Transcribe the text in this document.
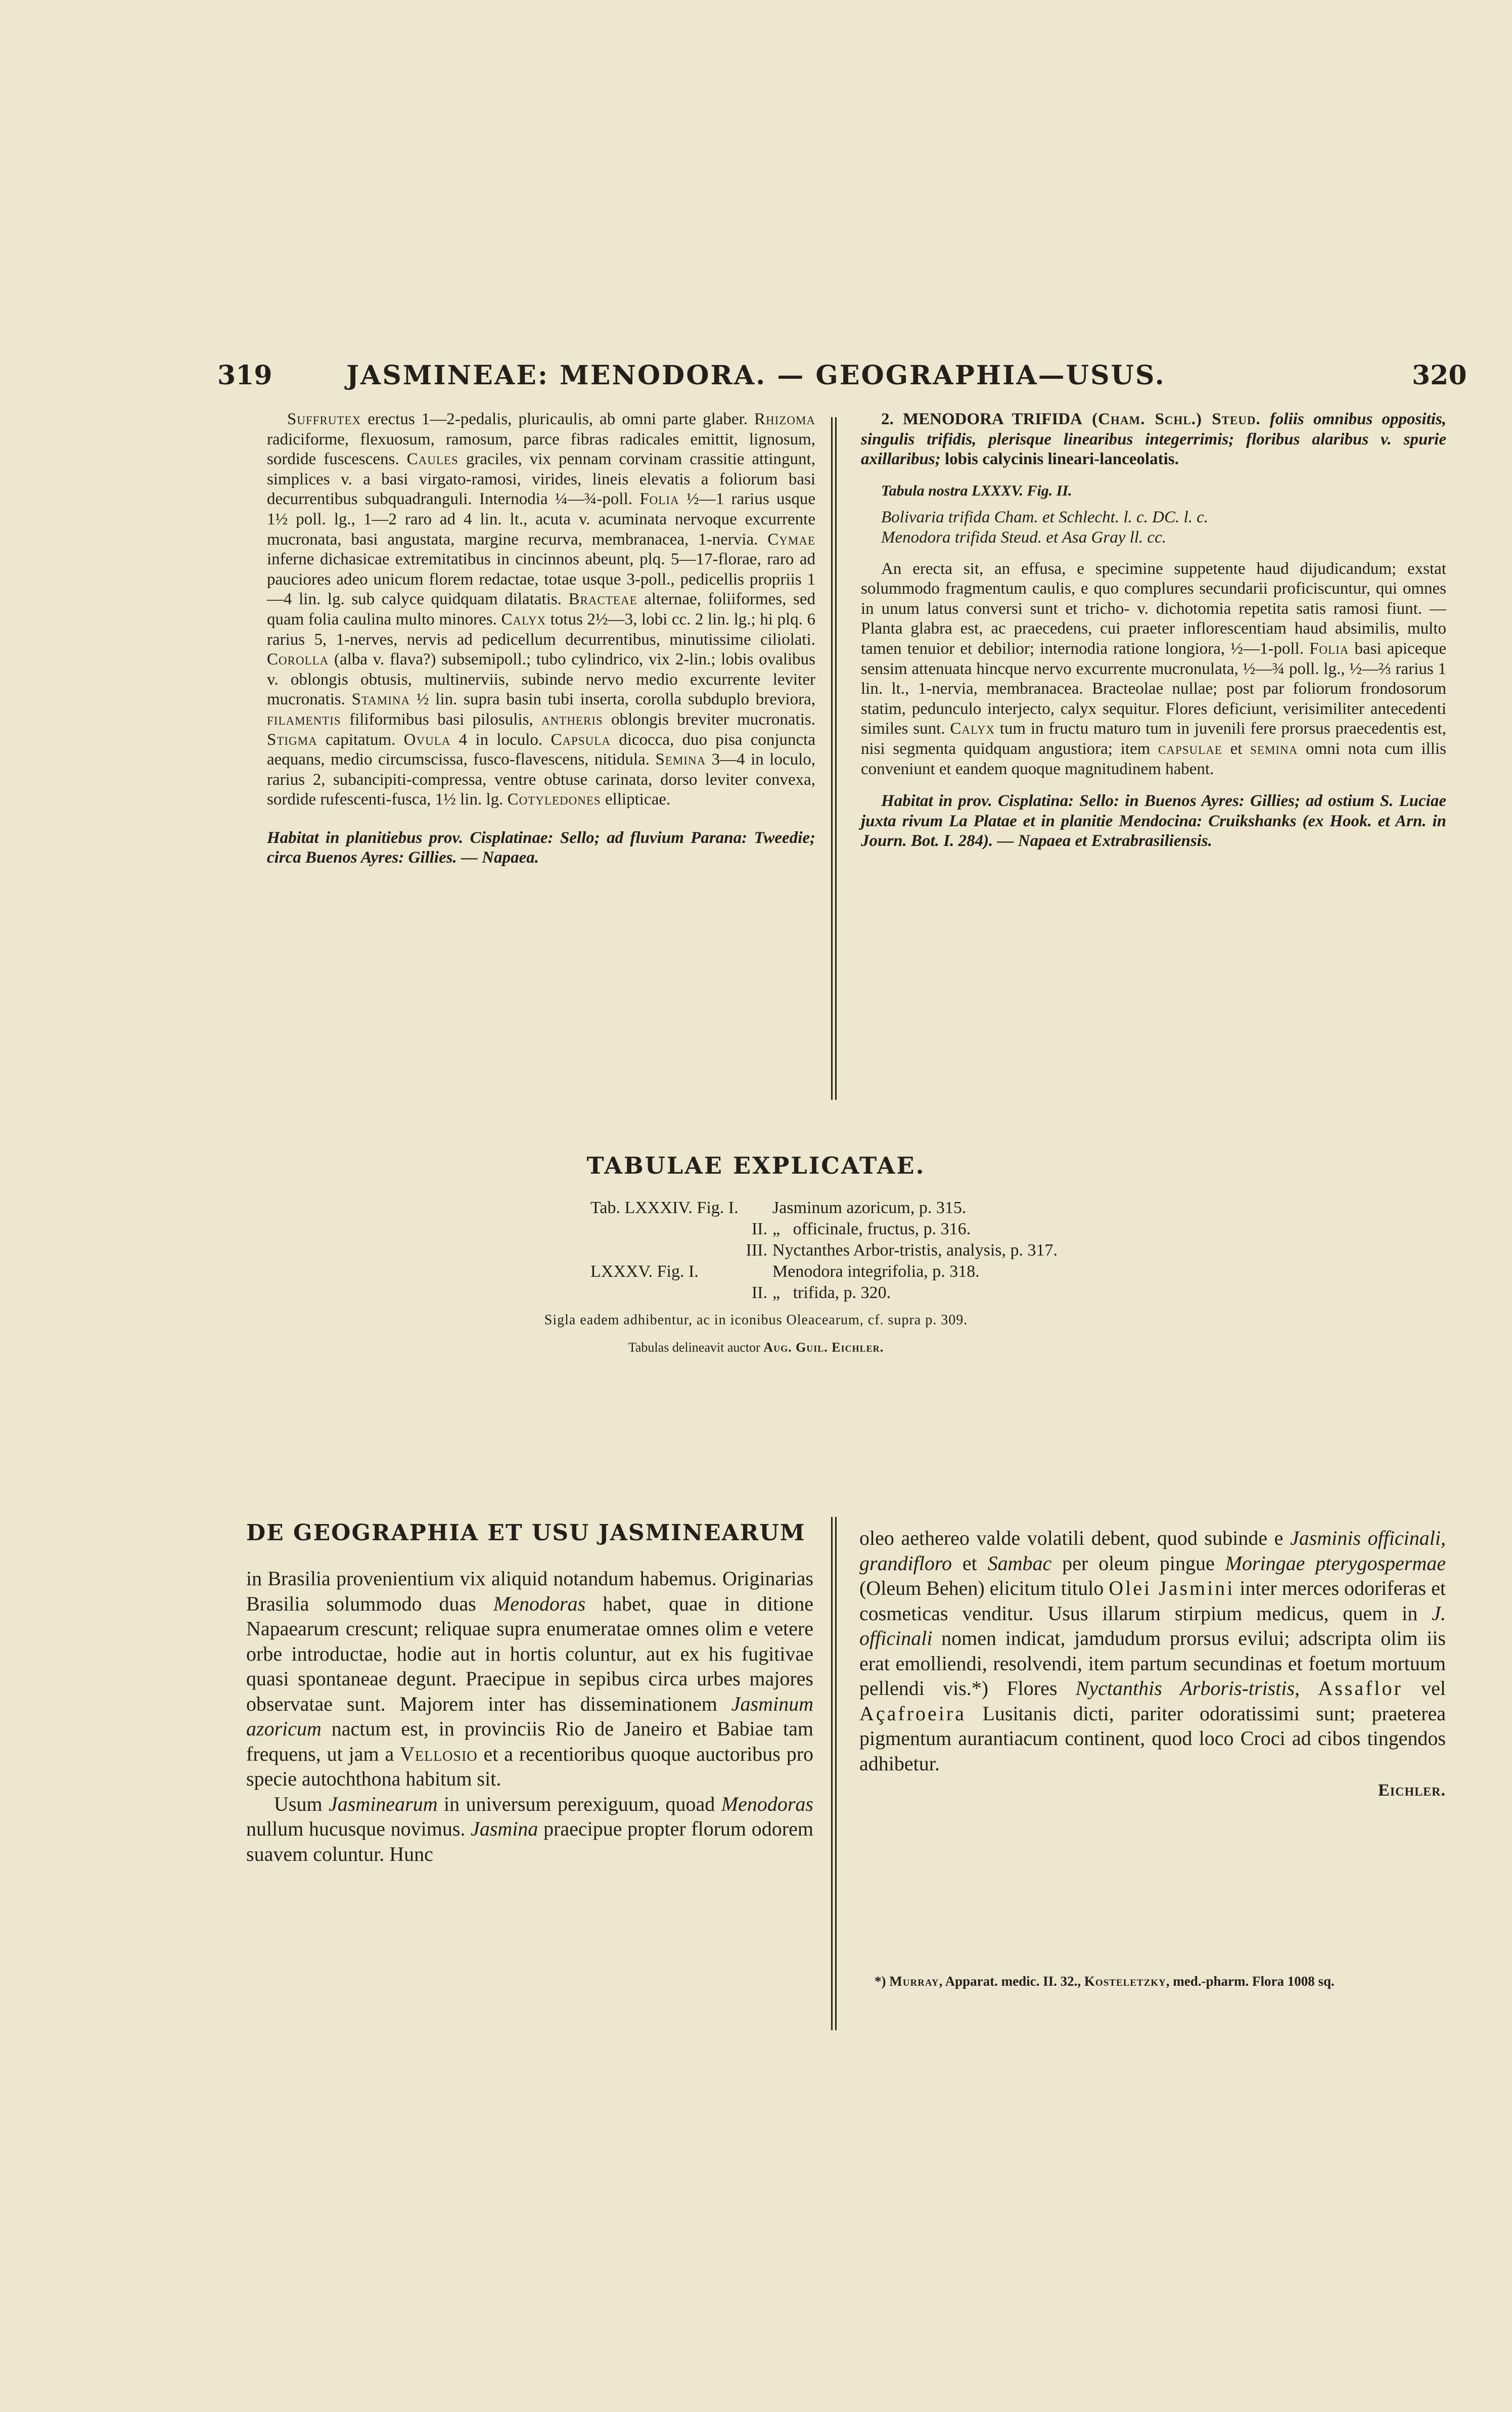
319	JASMINEAE: MENODORA. — GEOGRAPHIA—USUS.	320

Suffrutex erectus 1—2-pedalis, pluricaulis, ab omni parte glaber. Rhizoma radiciforme, flexuosum, ramosum, parce fibras radicales emittit, lignosum, sordide fuscescens. Caules graciles, vix pennam corvinam crassitie attingunt, simplices v. a basi virgato-ramosi, virides, lineis elevatis a foliorum basi decurrentibus subquadranguli. Internodia ¼—¾-poll. Folia ½—1 rarius usque 1½ poll. lg., 1—2 raro ad 4 lin. lt., acuta v. acuminata nervoque excurrente mucronata, basi angustata, margine recurva, membranacea, 1-nervia. Cymae inferne dichasicae extremitatibus in cincinnos abeunt, plq. 5—17-florae, raro ad pauciores adeo unicum florem redactae, totae usque 3-poll., pedicellis propriis 1—4 lin. lg. sub calyce quidquam dilatatis. Bracteae alternae, foliiformes, sed quam folia caulina multo minores. Calyx totus 2½—3, lobi cc. 2 lin. lg.; hi plq. 6 rarius 5, 1-nerves, nervis ad pedicellum decurrentibus, minutissime ciliolati. Corolla (alba v. flava?) subsemipoll.; tubo cylindrico, vix 2-lin.; lobis ovalibus v. oblongis obtusis, multinerviis, subinde nervo medio excurrente leviter mucronatis. Stamina ½ lin. supra basin tubi inserta, corolla subduplo breviora, filamentis filiformibus basi pilosulis, antheris oblongis breviter mucronatis. Stigma capitatum. Ovula 4 in loculo. Capsula dicocca, duo pisa conjuncta aequans, medio circumscissa, fusco-flavescens, nitidula. Semina 3—4 in loculo, rarius 2, subancipiti-compressa, ventre obtuse carinata, dorso leviter convexa, sordide rufescenti-fusca, 1½ lin. lg. Cotyledones ellipticae.

Habitat in planitiebus prov. Cisplatinae: Sello; ad fluvium Parana: Tweedie; circa Buenos Ayres: Gillies. — Napaea.

2. MENODORA TRIFIDA (Cham. Schl.) Steud. foliis omnibus oppositis, singulis trifidis, plerisque linearibus integerrimis; floribus alaribus v. spurie axillaribus; lobis calycinis lineari-lanceolatis.

Tabula nostra LXXXV. Fig. II.

Bolivaria trifida Cham. et Schlecht. l. c. DC. l. c.

Menodora trifida Steud. et Asa Gray ll. cc.

An erecta sit, an effusa, e specimine suppetente haud dijudicandum; exstat solummodo fragmentum caulis, e quo complures secundarii proficiscuntur, qui omnes in unum latus conversi sunt et tricho- v. dichotomia repetita satis ramosi fiunt. — Planta glabra est, ac praecedens, cui praeter inflorescentiam haud absimilis, multo tamen tenuior et debilior; internodia ratione longiora, ½—1-poll. Folia basi apiceque sensim attenuata hincque nervo excurrente mucronulata, ½—¾ poll. lg., ½—⅔ rarius 1 lin. lt., 1-nervia, membranacea. Bracteolae nullae; post par foliorum frondosorum statim, pedunculo interjecto, calyx sequitur. Flores deficiunt, verisimiliter antecedenti similes sunt. Calyx tum in fructu maturo tum in juvenili fere prorsus praecedentis est, nisi segmenta quidquam angustiora; item capsulae et semina omni nota cum illis conveniunt et eandem quoque magnitudinem habent.

Habitat in prov. Cisplatina: Sello: in Buenos Ayres: Gillies; ad ostium S. Luciae juxta rivum La Platae et in planitie Mendocina: Cruikshanks (ex Hook. et Arn. in Journ. Bot. I. 284). — Napaea et Extrabrasiliensis.

TABULAE EXPLICATAE.
Tab. LXXXIV. Fig. I. Jasminum azoricum, p. 315.
II. „   officinale, fructus, p. 316.
III. Nyctanthes Arbor-tristis, analysis, p. 317.
LXXXV. Fig. I.	Menodora integrifolia, p. 318.
II. „   trifida, p. 320.
Sigla eadem adhibentur, ac in iconibus Oleacearum, cf. supra p. 309.
Tabulas delineavit auctor Aug. Guil. Eichler.
DE GEOGRAPHIA ET USU JASMINEARUM

in Brasilia provenientium vix aliquid notandum habemus. Originarias Brasilia solummodo duas Menodoras habet, quae in ditione Napaearum crescunt; reliquae supra enumeratae omnes olim e vetere orbe introductae, hodie aut in hortis coluntur, aut ex his fugitivae quasi spontaneae degunt. Praecipue in sepibus circa urbes majores observatae sunt. Majorem inter has disseminationem Jasminum azoricum nactum est, in provinciis Rio de Janeiro et Babiae tam frequens, ut jam a Vellosio et a recentioribus quoque auctoribus pro specie autochthona habitum sit.

Usum Jasminearum in universum perexiguum, quoad Menodoras nullum hucusque novimus. Jasmina praecipue propter florum odorem suavem coluntur. Hunc

oleo aethereo valde volatili debent, quod subinde e Jasminis officinali, grandifloro et Sambac per oleum pingue Moringae pterygospermae (Oleum Behen) elicitum titulo Olei Jasmini inter merces odoriferas et cosmeticas venditur. Usus illarum stirpium medicus, quem in J. officinali nomen indicat, jamdudum prorsus evilui; adscripta olim iis erat emolliendi, resolvendi, item partum secundinas et foetum mortuum pellendi vis.*) Flores Nyctanthis Arboris-tristis, Assaflor vel Açafroeira Lusitanis dicti, pariter odoratissimi sunt; praeterea pigmentum aurantiacum continent, quod loco Croci ad cibos tingendos adhibetur.

Eichler.

*) Murray, Apparat. medic. II. 32., Kosteletzky, med.-pharm. Flora 1008 sq.
